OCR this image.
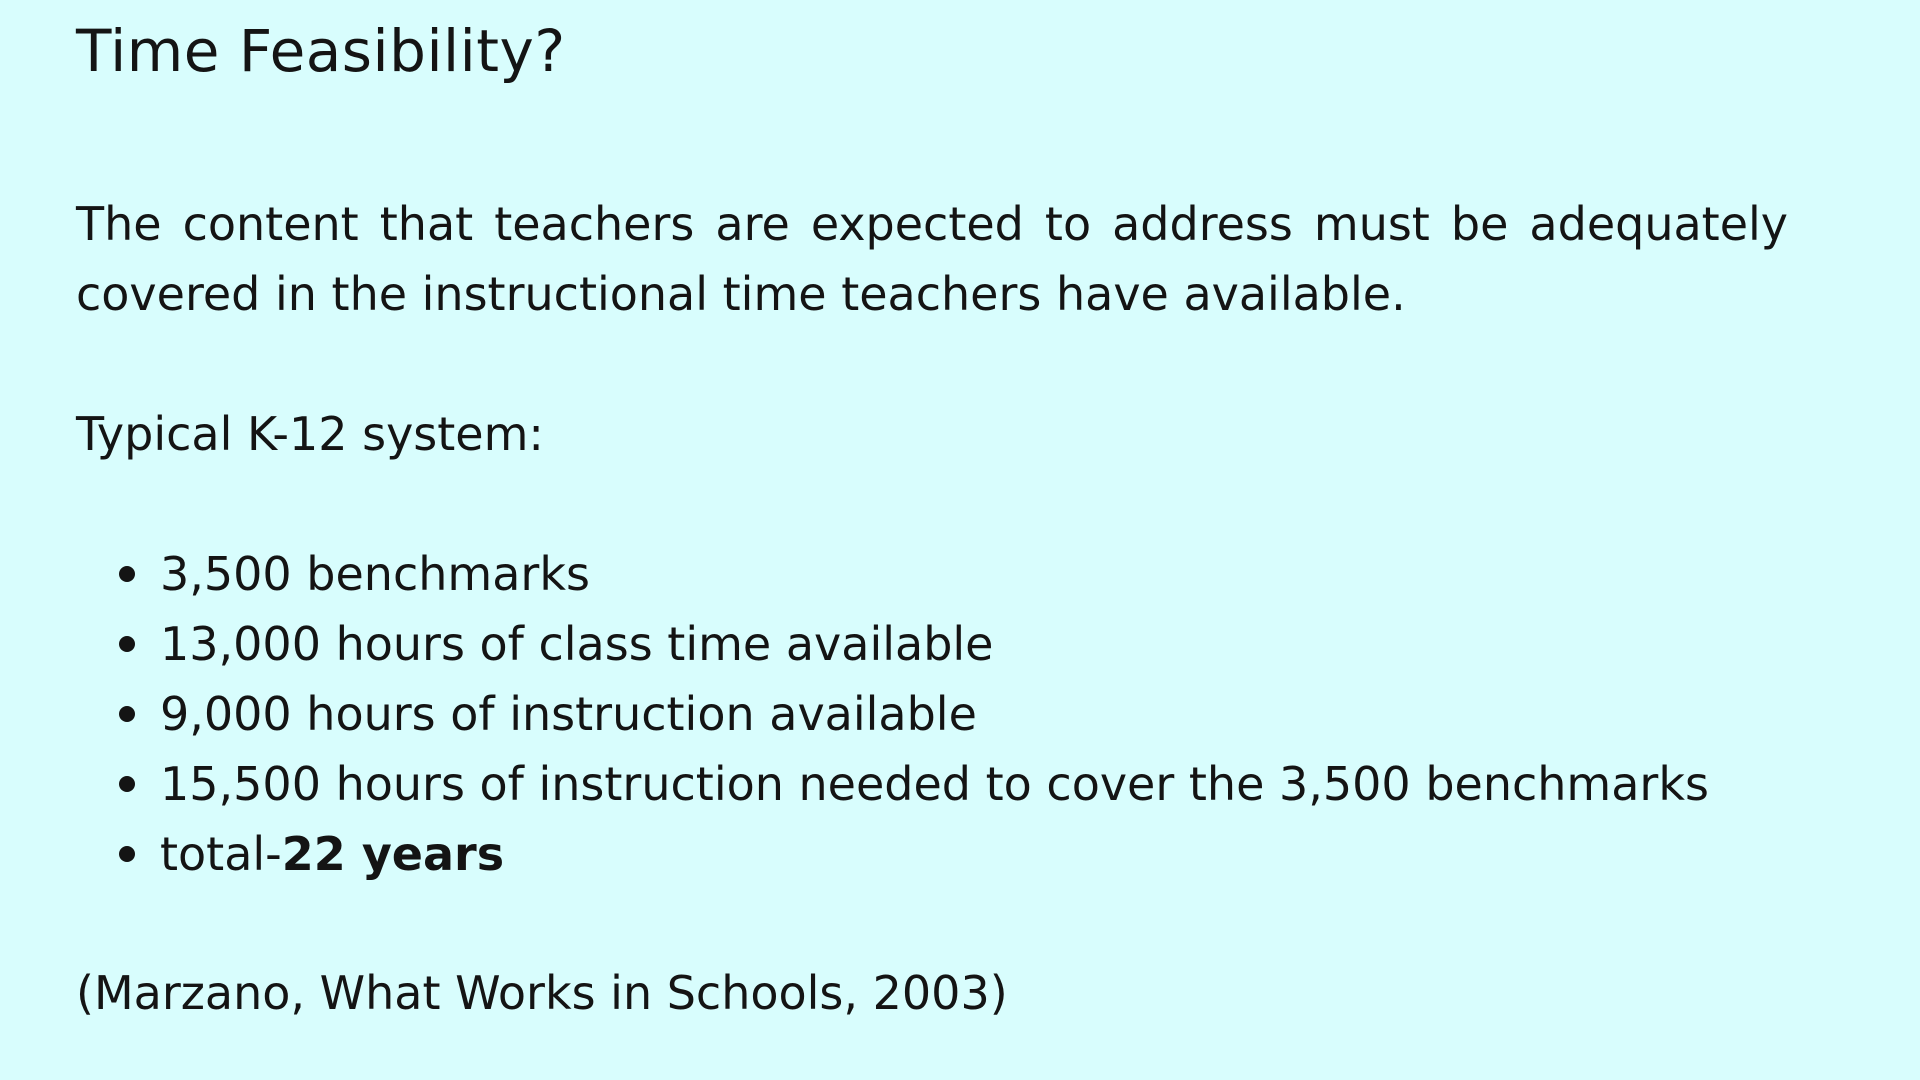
Time Feasibility?

The content that teachers are expected to address must be adequately covered in the instructional time teachers have available.

Typical K-12 system:

3,500 benchmarks
13,000 hours of class time available
9,000 hours of instruction available
15,500 hours of instruction needed to cover the 3,500 benchmarks
total-22 years

(Marzano, What Works in Schools, 2003)
